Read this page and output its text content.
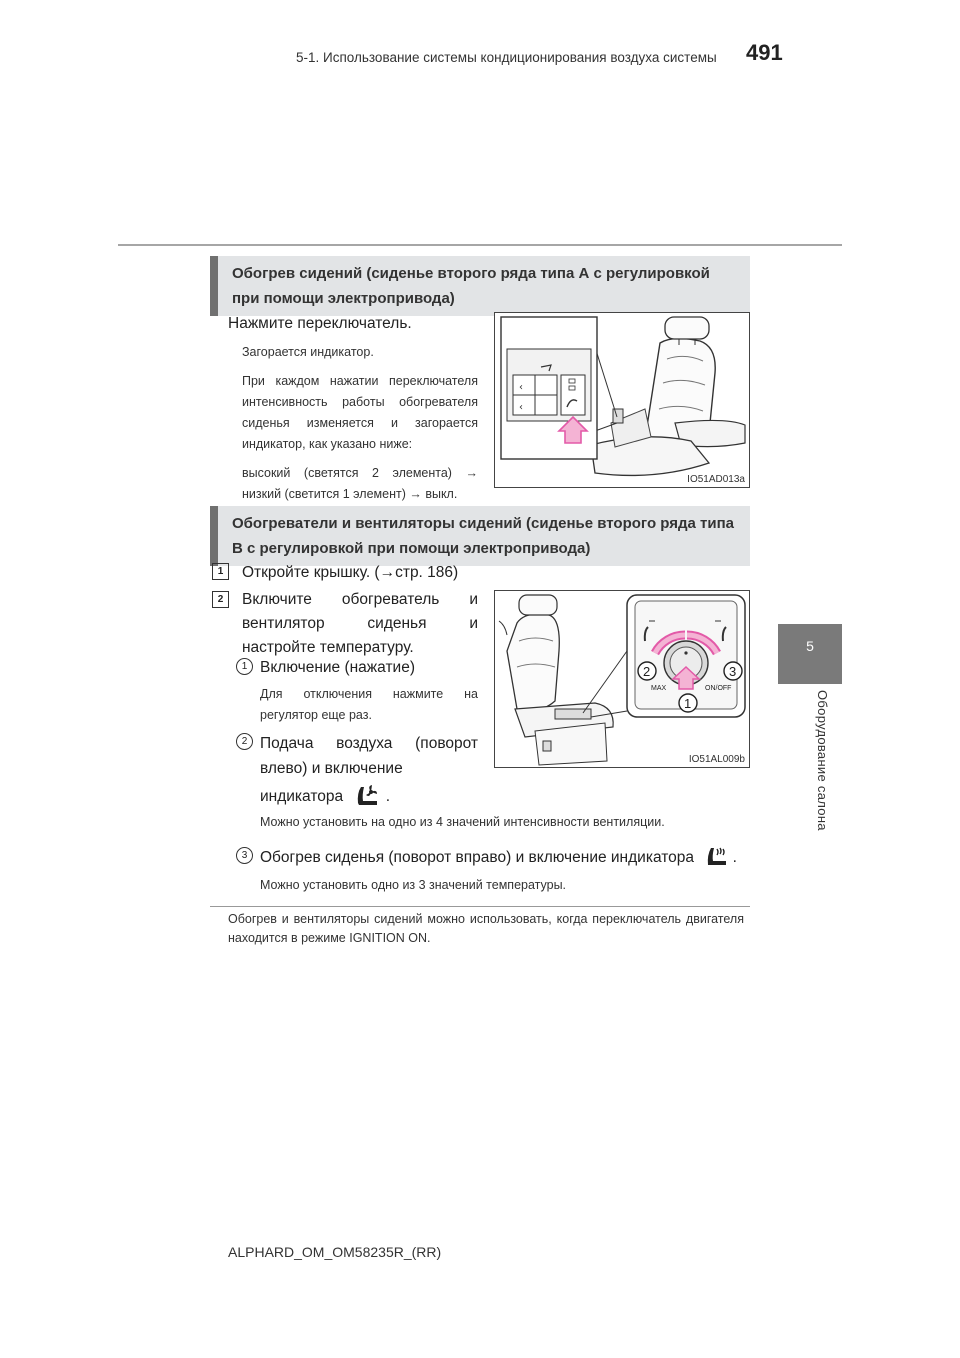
5-1. Использование системы кондиционирования воздуха системы 491
5
Оборудование салона
Обогрев сидений (сиденье второго ряда типа А с регулировкой при помощи электропривода)
Нажмите переключатель.
Загорается индикатор.
При каждом нажатии переключателя интенсивность работы обогревателя сиденья изменяется и загорается индикатор, как указано ниже:
высокий (светятся 2 элемента) → низкий (светится 1 элемент) → выкл.
‹
‹
IO51AD013a
Обогреватели и вентиляторы сидений (сиденье второго ряда типа В с регулировкой при помощи электропривода)
1	Откройте крышку. (→стр. 186)
2	Включите обогреватель и вентилятор сиденья и настройте температуру.
1 Включение (нажатие)
Для отключения нажмите на регулятор еще раз.
2 Подача воздуха (поворот влево) и включение
индикатора	.
Можно установить на одно из 4 значений интенсивности вентиляции.
3 Обогрев сиденья (поворот вправо) и включение индикатора .
Можно установить одно из 3 значений температуры.
MAX	ON/OFF
2	3
1
IO51AL009b
Обогрев и вентиляторы сидений можно использовать, когда переключатель двигателя находится в режиме IGNITION ON.
ALPHARD_OM_OM58235R_(RR)
